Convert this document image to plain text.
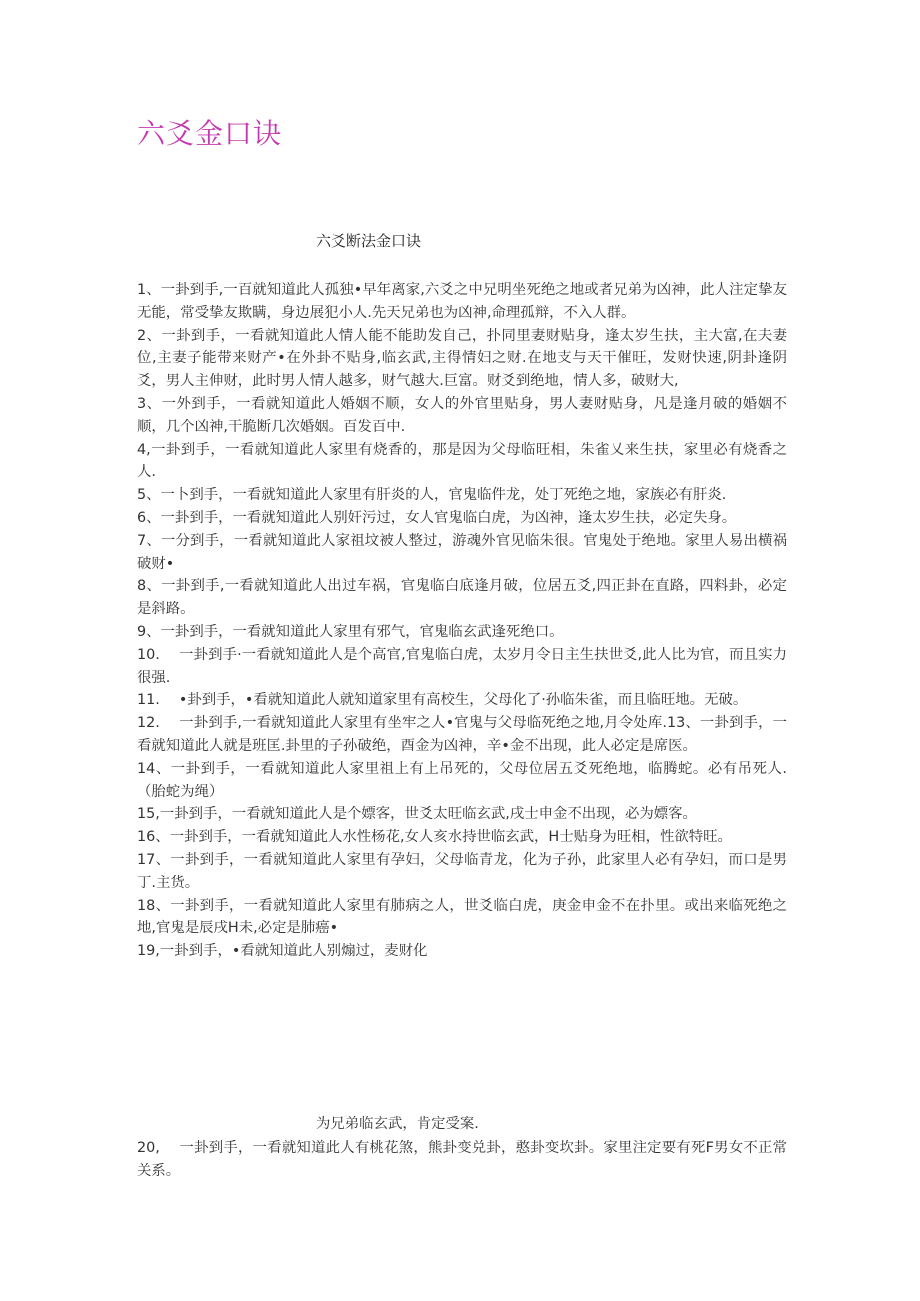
六爻金口诀
六爻断法金口诀

1、一卦到手,一百就知道此人孤独•早年离家,六爻之中兄明坐死绝之地或者兄弟为凶神，此人注定挚友无能，常受挚友欺瞒，身边展犯小人.先天兄弟也为凶神,命理孤辩，不入人群。

2、一卦到手，一看就知道此人情人能不能助发自己，扑同里妻财贴身，逢太岁生扶，主大富,在夫妻位,主妻子能带来财产•在外卦不贴身,临玄武,主得情妇之财.在地支与天干催旺，发财快速,阴卦逢阴爻，男人主伸财，此时男人情人越多，财气越大.巨富。财爻到绝地，情人多，破财大,

3、一外到手，一看就知道此人婚姻不顺，女人的外官里贴身，男人妻财贴身，凡是逢月破的婚姻不顺，几个凶神,干脆断几次婚姻。百发百中.

4,一卦到手，一看就知道此人家里有烧香的，那是因为父母临旺相，朱雀乂来生扶，家里必有烧香之人.

5、一卜到手，一看就知道此人家里有肝炎的人，官鬼临件龙，处丁死绝之地，家族必有肝炎.

6、一卦到手，一看就知道此人别奸污过，女人官鬼临白虎，为凶神，逢太岁生扶，必定失身。

7、一分到手，一看就知道此人家祖坟被人整过，游魂外官见临朱很。官鬼处于绝地。家里人易出横祸破财•

8、一卦到手,一看就知道此人出过车祸，官鬼临白底逢月破，位居五爻,四正卦在直路，四料卦，必定是斜路。

9、一卦到手，一看就知道此人家里有邪气，官鬼临玄武逢死绝口。

10.　 一卦到手·一看就知道此人是个高官,官鬼临白虎，太岁月令日主生扶世爻,此人比为官，而且实力很强.

11.　 •卦到手，•看就知道此人就知道家里有高校生，父母化了·孙临朱雀，而且临旺地。无破。

12.　 一卦到手,一看就知道此人家里有坐牢之人•官鬼与父母临死绝之地,月令处库.13、一卦到手，一看就知道此人就是班匡.卦里的子孙破绝，酉金为凶神，辛•金不出现，此人必定是席医。

14、一卦到手，一看就知道此人家里祖上有上吊死的，父母位居五爻死绝地，临腾蛇。必有吊死人.（胎蛇为绳）

15,一卦到手，一看就知道此人是个嫖客，世爻太旺临玄武,戌士申金不出现，必为嫖客。

16、一卦到手，一看就知道此人水性杨花,女人亥水持世临玄武，H士贴身为旺相，性欲特旺。

17、一卦到手，一看就知道此人家里有孕妇，父母临青龙，化为子孙，此家里人必有孕妇，而口是男丁.主货。

18、一卦到手，一看就知道此人家里有肺病之人，世爻临白虎，庚金申金不在扑里。或出来临死绝之地,官鬼是辰戌H未,必定是肺癌•

19,一卦到手，•看就知道此人别煽过，麦财化

为兄弟临玄武，肯定受案.
20,　 一卦到手，一看就知道此人有桃花煞，熊卦变兑卦，憨卦变坎卦。家里注定要有死F男女不正常关系。
